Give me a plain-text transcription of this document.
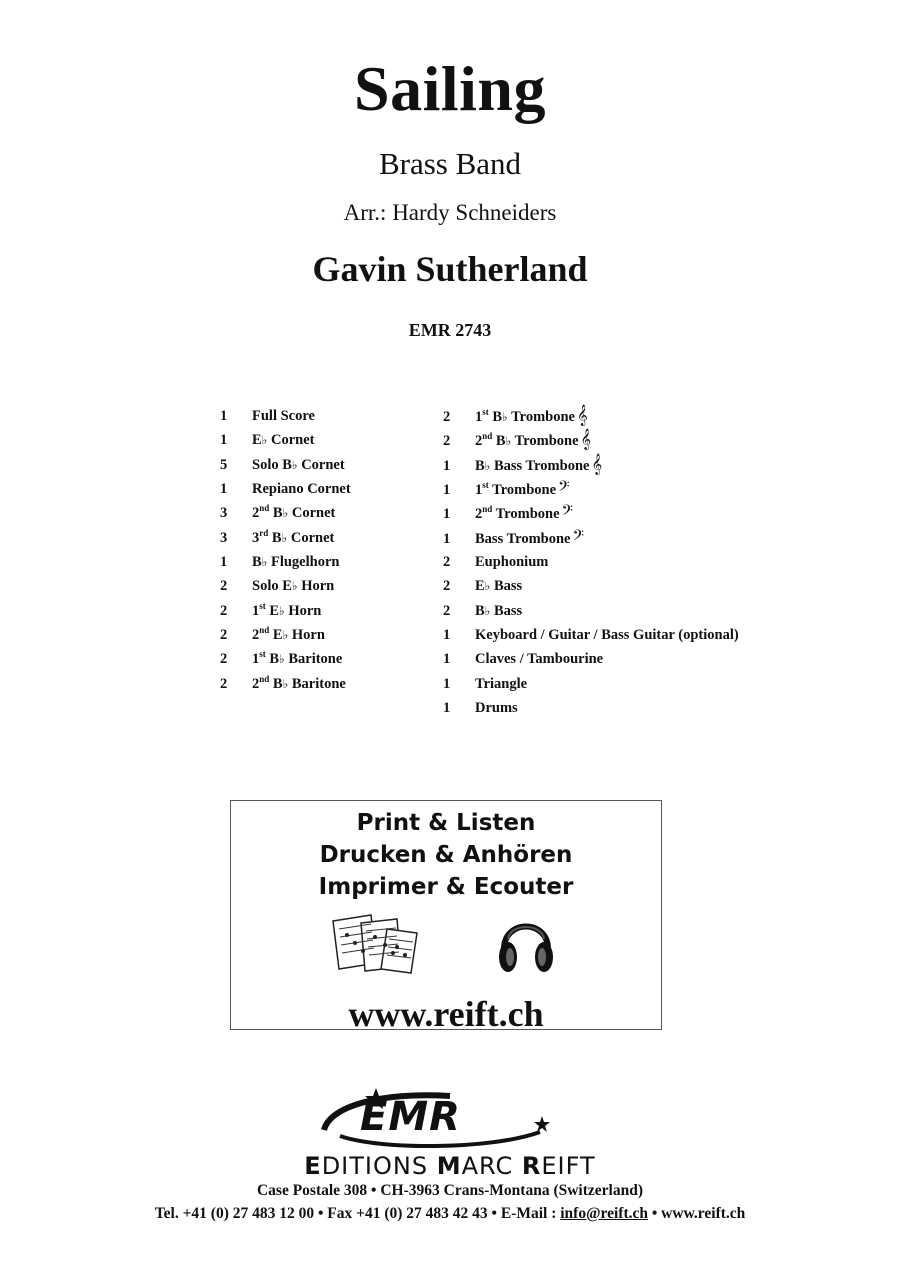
Sailing
Brass Band
Arr.: Hardy Schneiders
Gavin Sutherland
EMR 2743
1 Full Score
1 E♭ Cornet
5 Solo B♭ Cornet
1 Repiano Cornet
3 2nd B♭ Cornet
3 3rd B♭ Cornet
1 B♭ Flugelhorn
2 Solo E♭ Horn
2 1st E♭ Horn
2 2nd E♭ Horn
2 1st B♭ Baritone
2 2nd B♭ Baritone
2 1st B♭ Trombone 𝄞
2 2nd B♭ Trombone 𝄞
1 B♭ Bass Trombone 𝄞
1 1st Trombone 𝄢
1 2nd Trombone 𝄢
1 Bass Trombone 𝄢
2 Euphonium
2 E♭ Bass
2 B♭ Bass
1 Keyboard / Guitar / Bass Guitar (optional)
1 Claves / Tambourine
1 Triangle
1 Drums
Print & Listen
Drucken & Anhören
Imprimer & Ecouter
www.reift.ch
EMR
EDITIONS MARC REIFT
Case Postale 308 • CH-3963 Crans-Montana (Switzerland)
Tel. +41 (0) 27 483 12 00 • Fax +41 (0) 27 483 42 43 • E-Mail : info@reift.ch • www.reift.ch
